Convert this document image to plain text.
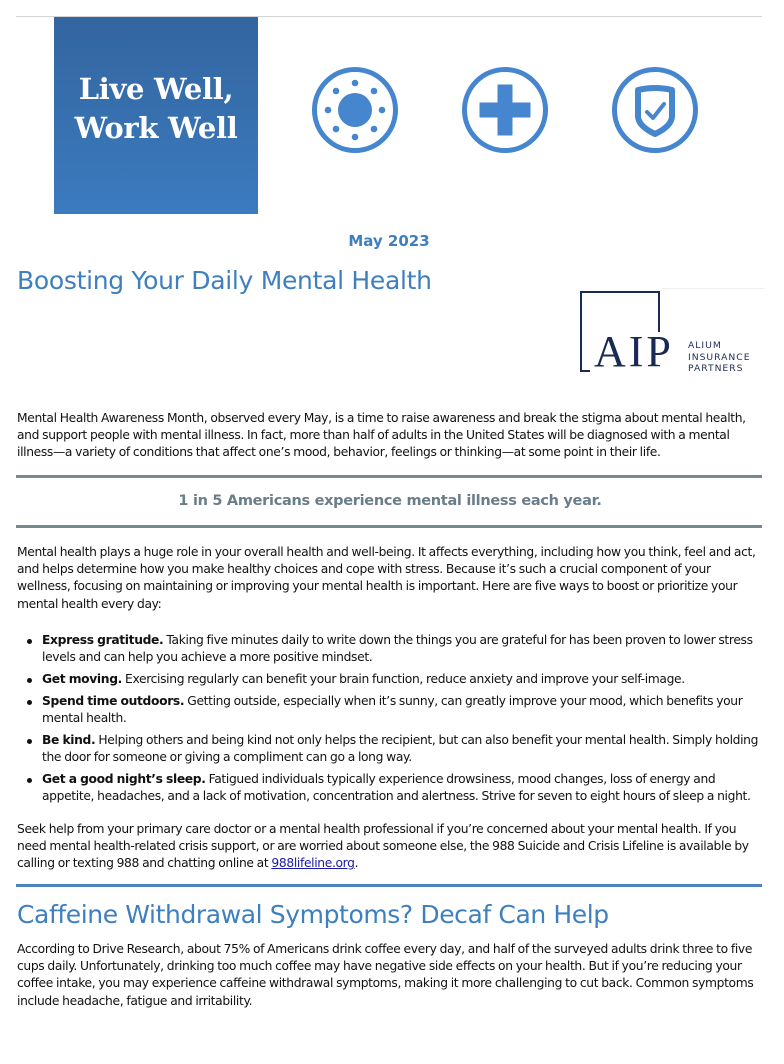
Live Well,
Work Well
May 2023
Boosting Your Daily Mental Health
AIP ALIUM
INSURANCE
PARTNERS

Mental Health Awareness Month, observed every May, is a time to raise awareness and break the stigma about mental health, and support people with mental illness. In fact, more than half of adults in the United States will be diagnosed with a mental illness—a variety of conditions that affect one’s mood, behavior, feelings or thinking—at some point in their life.

1 in 5 Americans experience mental illness each year.

Mental health plays a huge role in your overall health and well-being. It affects everything, including how you think, feel and act, and helps determine how you make healthy choices and cope with stress. Because it’s such a crucial component of your wellness, focusing on maintaining or improving your mental health is important. Here are five ways to boost or prioritize your mental health every day:

Express gratitude. Taking five minutes daily to write down the things you are grateful for has been proven to lower stress levels and can help you achieve a more positive mindset.
Get moving. Exercising regularly can benefit your brain function, reduce anxiety and improve your self-image.
Spend time outdoors. Getting outside, especially when it’s sunny, can greatly improve your mood, which benefits your mental health.
Be kind. Helping others and being kind not only helps the recipient, but can also benefit your mental health. Simply holding the door for someone or giving a compliment can go a long way.
Get a good night’s sleep. Fatigued individuals typically experience drowsiness, mood changes, loss of energy and appetite, headaches, and a lack of motivation, concentration and alertness. Strive for seven to eight hours of sleep a night.

Seek help from your primary care doctor or a mental health professional if you’re concerned about your mental health. If you need mental health-related crisis support, or are worried about someone else, the 988 Suicide and Crisis Lifeline is available by calling or texting 988 and chatting online at 988lifeline.org.

Caffeine Withdrawal Symptoms? Decaf Can Help

According to Drive Research, about 75% of Americans drink coffee every day, and half of the surveyed adults drink three to five cups daily. Unfortunately, drinking too much coffee may have negative side effects on your health. But if you’re reducing your coffee intake, you may experience caffeine withdrawal symptoms, making it more challenging to cut back. Common symptoms include headache, fatigue and irritability.
